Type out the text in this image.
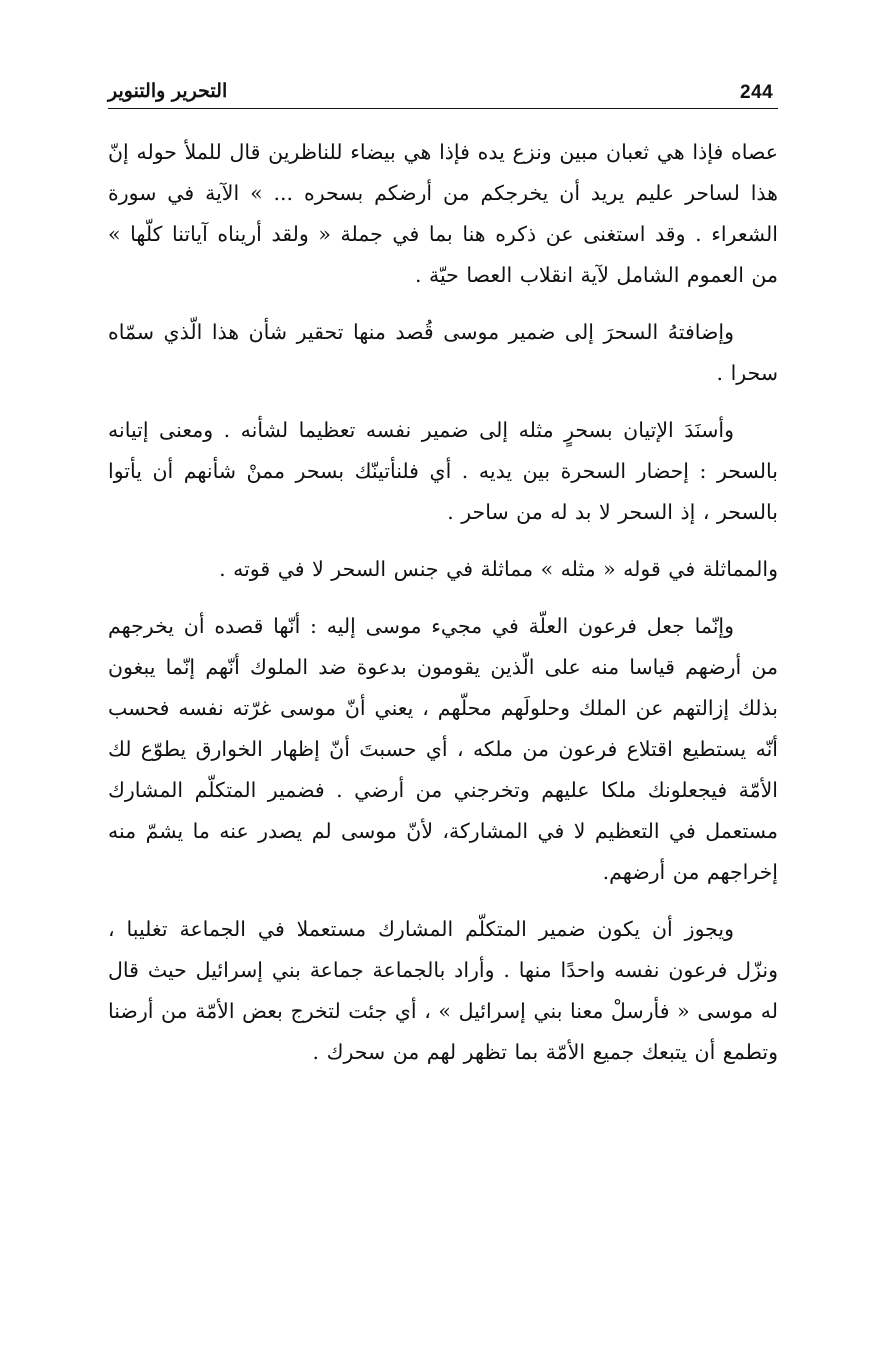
التحرير والتنوير	244

عصاه فإذا هي ثعبان مبين ونزع يده فإذا هي بيضاء للناظرين قال للملأ حوله إنّ هذا لساحر عليم يريد أن يخرجكم من أرضكم بسحره ... » الآية في سورة الشعراء . وقد استغنى عن ذكره هنا بما في جملة « ولقد أريناه آياتنا كلّها » من العموم الشامل لآية انقلاب العصا حيّة .

وإضافتهُ السحرَ إلى ضمير موسى قُصد منها تحقير شأن هذا الّذي سمّاه سحرا .

وأسنَدَ الإتيان بسحرٍ مثله إلى ضمير نفسه تعظيما لشأنه . ومعنى إتيانه بالسحر : إحضار السحرة بين يديه . أي فلنأتينّك بسحر ممنْ شأنهم أن يأتوا بالسحر ، إذ السحر لا بد له من ساحر .

والمماثلة في قوله « مثله » مماثلة في جنس السحر لا في قوته .

وإنّما جعل فرعون العلّة في مجيء موسى إليه : أنّها قصده أن يخرجهم من أرضهم قياسا منه على الّذين يقومون بدعوة ضد الملوك أنّهم إنّما يبغون بذلك إزالتهم عن الملك وحلولَهم محلّهم ، يعني أنّ موسى غرّته نفسه فحسب أنّه يستطيع اقتلاع فرعون من ملكه ، أي حسبتَ أنّ إظهار الخوارق يطوّع لك الأمّة فيجعلونك ملكا عليهم وتخرجني من أرضي . فضمير المتكلّم المشارك مستعمل في التعظيم لا في المشاركة، لأنّ موسى لم يصدر عنه ما يشمّ منه إخراجهم من أرضهم.

ويجوز أن يكون ضمير المتكلّم المشارك مستعملا في الجماعة تغليبا ، ونزّل فرعون نفسه واحدًا منها . وأراد بالجماعة جماعة بني إسرائيل حيث قال له موسى « فأرسلْ معنا بني إسرائيل » ، أي جئت لتخرج بعض الأمّة من أرضنا وتطمع أن يتبعك جميع الأمّة بما تظهر لهم من سحرك .
